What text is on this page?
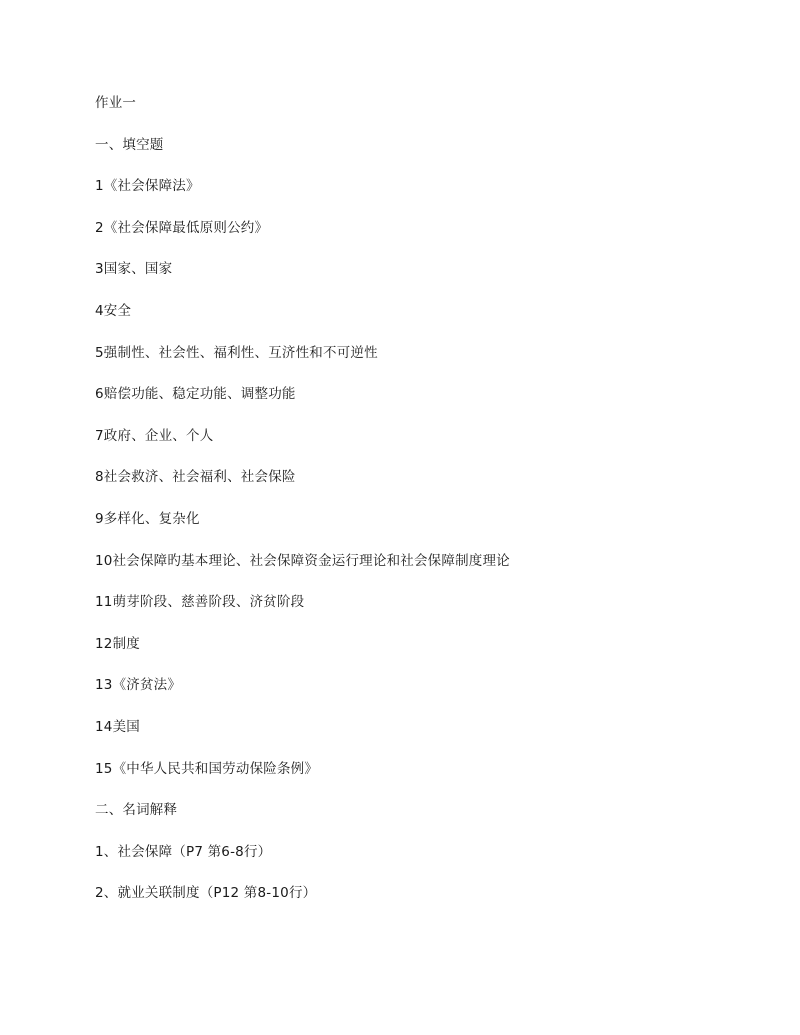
作业一
一、填空题
1《社会保障法》
2《社会保障最低原则公约》
3国家、国家
4安全
5强制性、社会性、福利性、互济性和不可逆性
6赔偿功能、稳定功能、调整功能
7政府、企业、个人
8社会救济、社会福利、社会保险
9多样化、复杂化
10社会保障旳基本理论、社会保障资金运行理论和社会保障制度理论
11萌芽阶段、慈善阶段、济贫阶段
12制度
13《济贫法》
14美国
15《中华人民共和国劳动保险条例》
二、名词解释
1、社会保障（P7 第6-8行）
2、就业关联制度（P12 第8-10行）
